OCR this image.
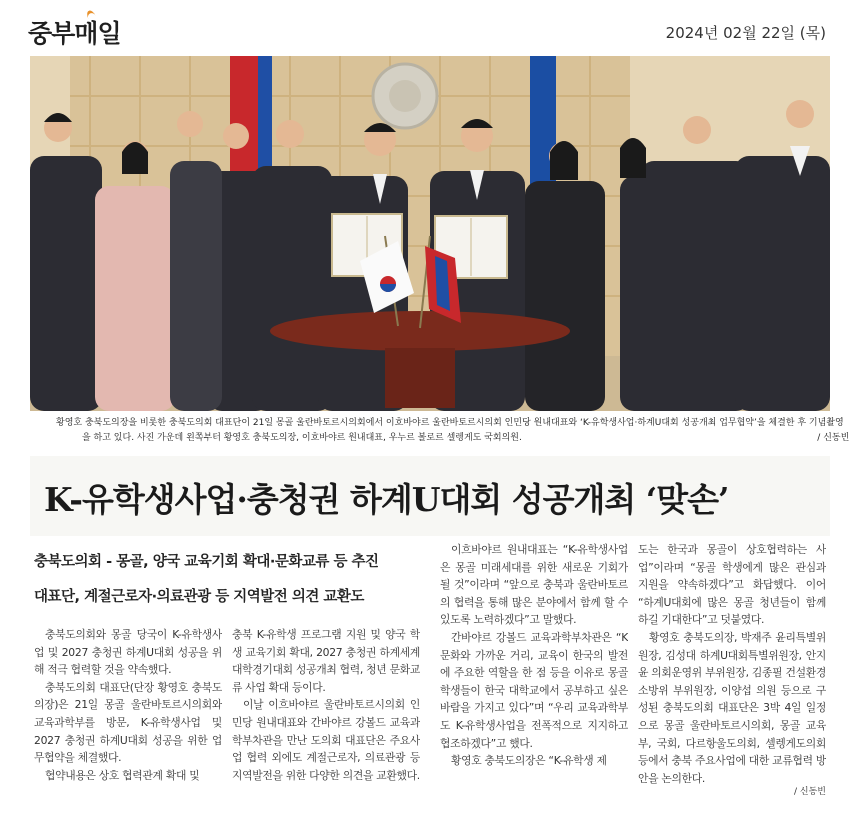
중부매일	2024년 02월 22일 (목)
황영호 충북도의장을 비롯한 충북도의회 대표단이 21일 몽골 울란바토르시의회에서 이흐바야르 울란바토르시의회 인민당 원내대표와 ‘K-유학생사업·하계U대회 성공개최 업무협약’을 체결한 후 기념촬영을 하고 있다. 사진 가운데 왼쪽부터 황영호 충북도의장, 이흐바야르 원내대표, 우누르 볼로르 셀렝게도 국회의원.	/ 신동빈
K-유학생사업·충청권 하계U대회 성공개최 ‘맞손’
충북도의회 - 몽골, 양국 교육기회 확대·문화교류 등 추진
대표단, 계절근로자·의료관광 등 지역발전 의견 교환도

충북도의회와 몽골 당국이 K-유학생사업 및 2027 충청권 하계U대회 성공을 위해 적극 협력할 것을 약속했다.

충북도의회 대표단(단장 황영호 충북도의장)은 21일 몽골 울란바토르시의회와 교육과학부를 방문, K-유학생사업 및 2027 충청권 하계U대회 성공을 위한 업무협약을 체결했다.

협약내용은 상호 협력관계 확대 및

충북 K-유학생 프로그램 지원 및 양국 학생 교육기회 확대, 2027 충청권 하계세계대학경기대회 성공개최 협력, 청년 문화교류 사업 확대 등이다.

이날 이흐바야르 울란바토르시의회 인민당 원내대표와 간바야르 강볼드 교육과학부차관을 만난 도의회 대표단은 주요사업 협력 외에도 계절근로자, 의료관광 등 지역발전을 위한 다양한 의견을 교환했다.

이흐바야르 원내대표는 “K-유학생사업은 몽골 미래세대를 위한 새로운 기회가 될 것”이라며 “앞으로 충북과 울란바토르의 협력을 통해 많은 분야에서 함께 할 수 있도록 노력하겠다”고 말했다.

간바야르 강볼드 교육과학부차관은 “K문화와 가까운 거리, 교육이 한국의 발전에 주요한 역할을 한 점 등을 이유로 몽골 학생들이 한국 대학교에서 공부하고 싶은 바람을 가지고 있다”며 “우리 교육과학부도 K-유학생사업을 전폭적으로 지지하고 협조하겠다”고 했다.

황영호 충북도의장은 “K-유학생 제

도는 한국과 몽골이 상호협력하는 사업”이라며 “몽골 학생에게 많은 관심과 지원을 약속하겠다”고 화답했다. 이어 “하계U대회에 많은 몽골 청년들이 함께 하길 기대한다”고 덧붙였다.

황영호 충북도의장, 박재주 윤리특별위원장, 김성대 하계U대회특별위원장, 안지윤 의회운영위 부위원장, 김종필 건설환경소방위 부위원장, 이양섭 의원 등으로 구성된 충북도의회 대표단은 3박 4일 일정으로 몽골 울란바토르시의회, 몽골 교육부, 국회, 다르항울도의회, 셀렝게도의회 등에서 충북 주요사업에 대한 교류협력 방안을 논의한다.

/ 신동빈
